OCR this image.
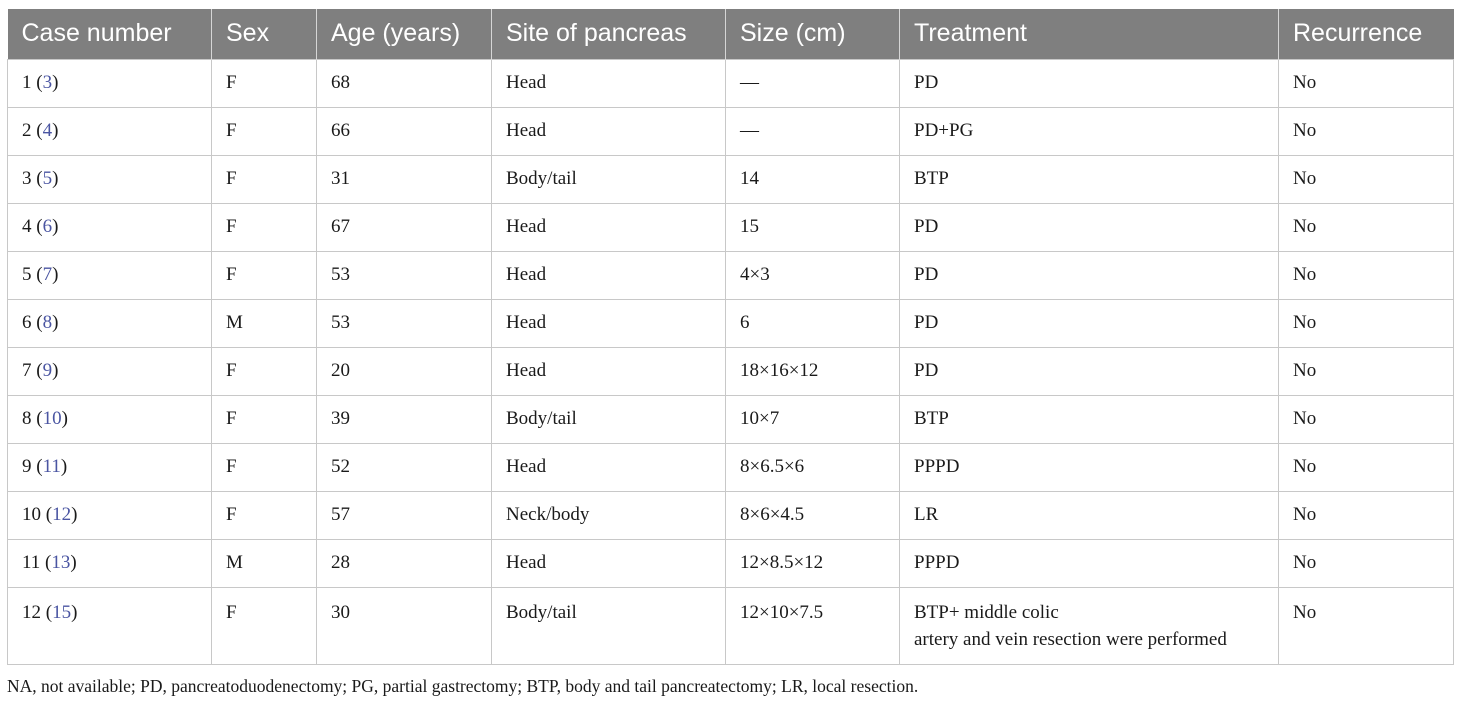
Case number	Sex	Age (years)	Site of pancreas	Size (cm)	Treatment	Recurrence
1 (3)	F	68	Head	—	PD	No
2 (4)	F	66	Head	—	PD+PG	No
3 (5)	F	31	Body/tail	14	BTP	No
4 (6)	F	67	Head	15	PD	No
5 (7)	F	53	Head	4×3	PD	No
6 (8)	M	53	Head	6	PD	No
7 (9)	F	20	Head	18×16×12	PD	No
8 (10)	F	39	Body/tail	10×7	BTP	No
9 (11)	F	52	Head	8×6.5×6	PPPD	No
10 (12)	F	57	Neck/body	8×6×4.5	LR	No
11 (13)	M	28	Head	12×8.5×12	PPPD	No
12 (15)	F	30	Body/tail	12×10×7.5	BTP+ middle colic
artery and vein resection were performed	No
NA, not available; PD, pancreatoduodenectomy; PG, partial gastrectomy; BTP, body and tail pancreatectomy; LR, local resection.
